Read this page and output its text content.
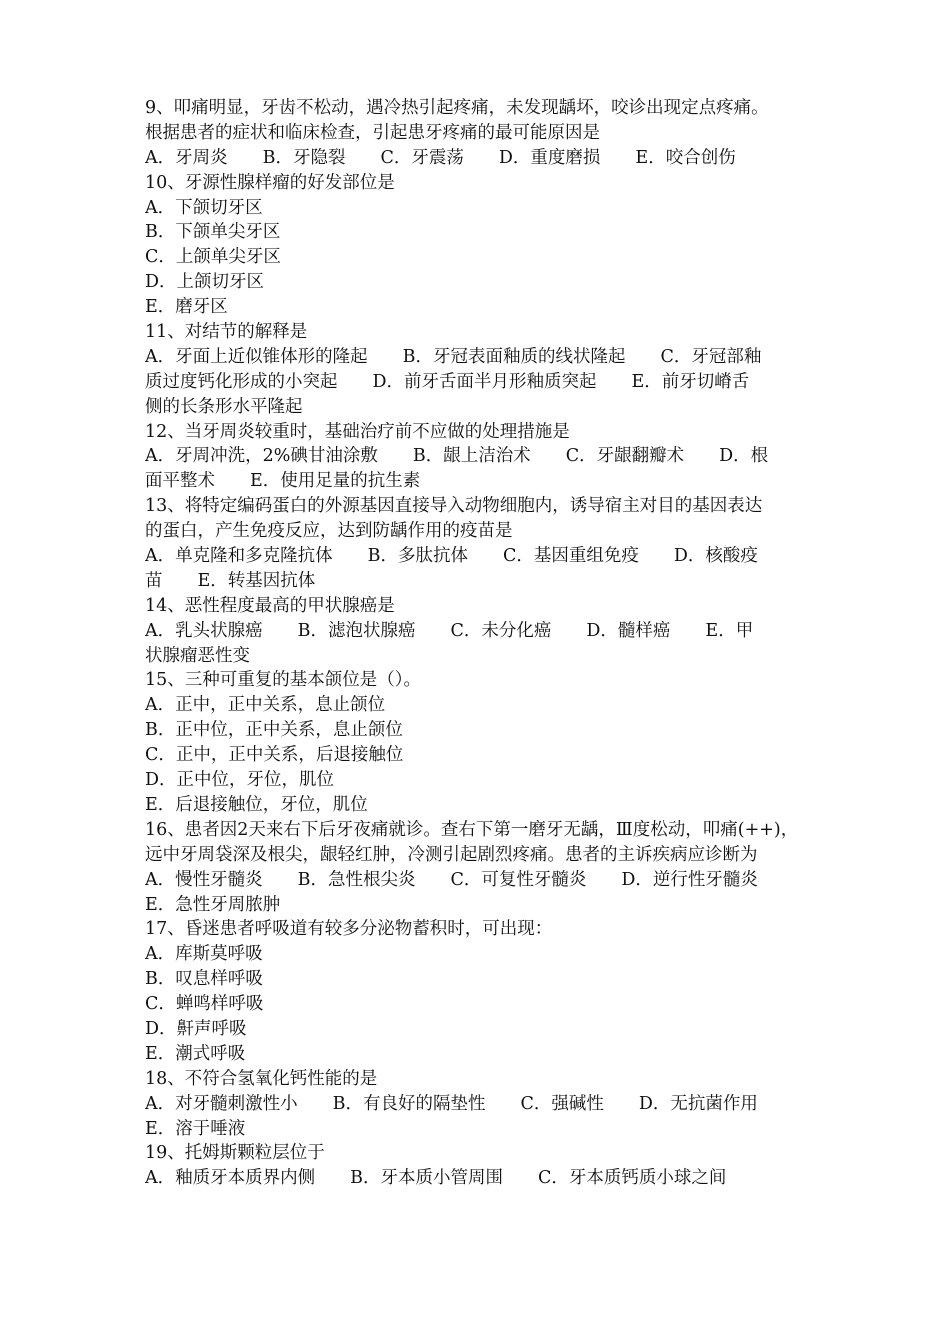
9、叩痛明显，牙齿不松动，遇冷热引起疼痛，未发现龋坏，咬诊出现定点疼痛。
根据患者的症状和临床检查，引起患牙疼痛的最可能原因是
A．牙周炎　　B．牙隐裂　　C．牙震荡　　D．重度磨损　　E．咬合创伤
10、牙源性腺样瘤的好发部位是
A．下颌切牙区
B．下颌单尖牙区
C．上颌单尖牙区
D．上颌切牙区
E．磨牙区
11、对结节的解释是
A．牙面上近似锥体形的隆起　　B．牙冠表面釉质的线状隆起　　C．牙冠部釉
质过度钙化形成的小突起　　D．前牙舌面半月形釉质突起　　E．前牙切嵴舌
侧的长条形水平隆起
12、当牙周炎较重时，基础治疗前不应做的处理措施是
A．牙周冲洗，2%碘甘油涂敷　　B．龈上洁治术　　C．牙龈翻瓣术　　D．根
面平整术　　E．使用足量的抗生素
13、将特定编码蛋白的外源基因直接导入动物细胞内，诱导宿主对目的基因表达
的蛋白，产生免疫反应，达到防龋作用的疫苗是
A．单克隆和多克隆抗体　　B．多肽抗体　　C．基因重组免疫　　D．核酸疫
苗　　E．转基因抗体
14、恶性程度最高的甲状腺癌是
A．乳头状腺癌　　B．滤泡状腺癌　　C．未分化癌　　D．髓样癌　　E．甲
状腺瘤恶性变
15、三种可重复的基本颌位是（）。
A．正中，正中关系，息止颌位
B．正中位，正中关系，息止颌位
C．正中，正中关系，后退接触位
D．正中位，牙位，肌位
E．后退接触位，牙位，肌位
16、患者因2天来右下后牙夜痛就诊。查右下第一磨牙无龋，Ⅲ度松动，叩痛(++)，
远中牙周袋深及根尖，龈轻红肿，冷测引起剧烈疼痛。患者的主诉疾病应诊断为
A．慢性牙髓炎　　B．急性根尖炎　　C．可复性牙髓炎　　D．逆行性牙髓炎
E．急性牙周脓肿
17、昏迷患者呼吸道有较多分泌物蓄积时，可出现：
A．库斯莫呼吸
B．叹息样呼吸
C．蝉鸣样呼吸
D．鼾声呼吸
E．潮式呼吸
18、不符合氢氧化钙性能的是
A．对牙髓刺激性小　　B．有良好的隔垫性　　C．强碱性　　D．无抗菌作用
E．溶于唾液
19、托姆斯颗粒层位于
A．釉质牙本质界内侧　　B．牙本质小管周围　　C．牙本质钙质小球之间
